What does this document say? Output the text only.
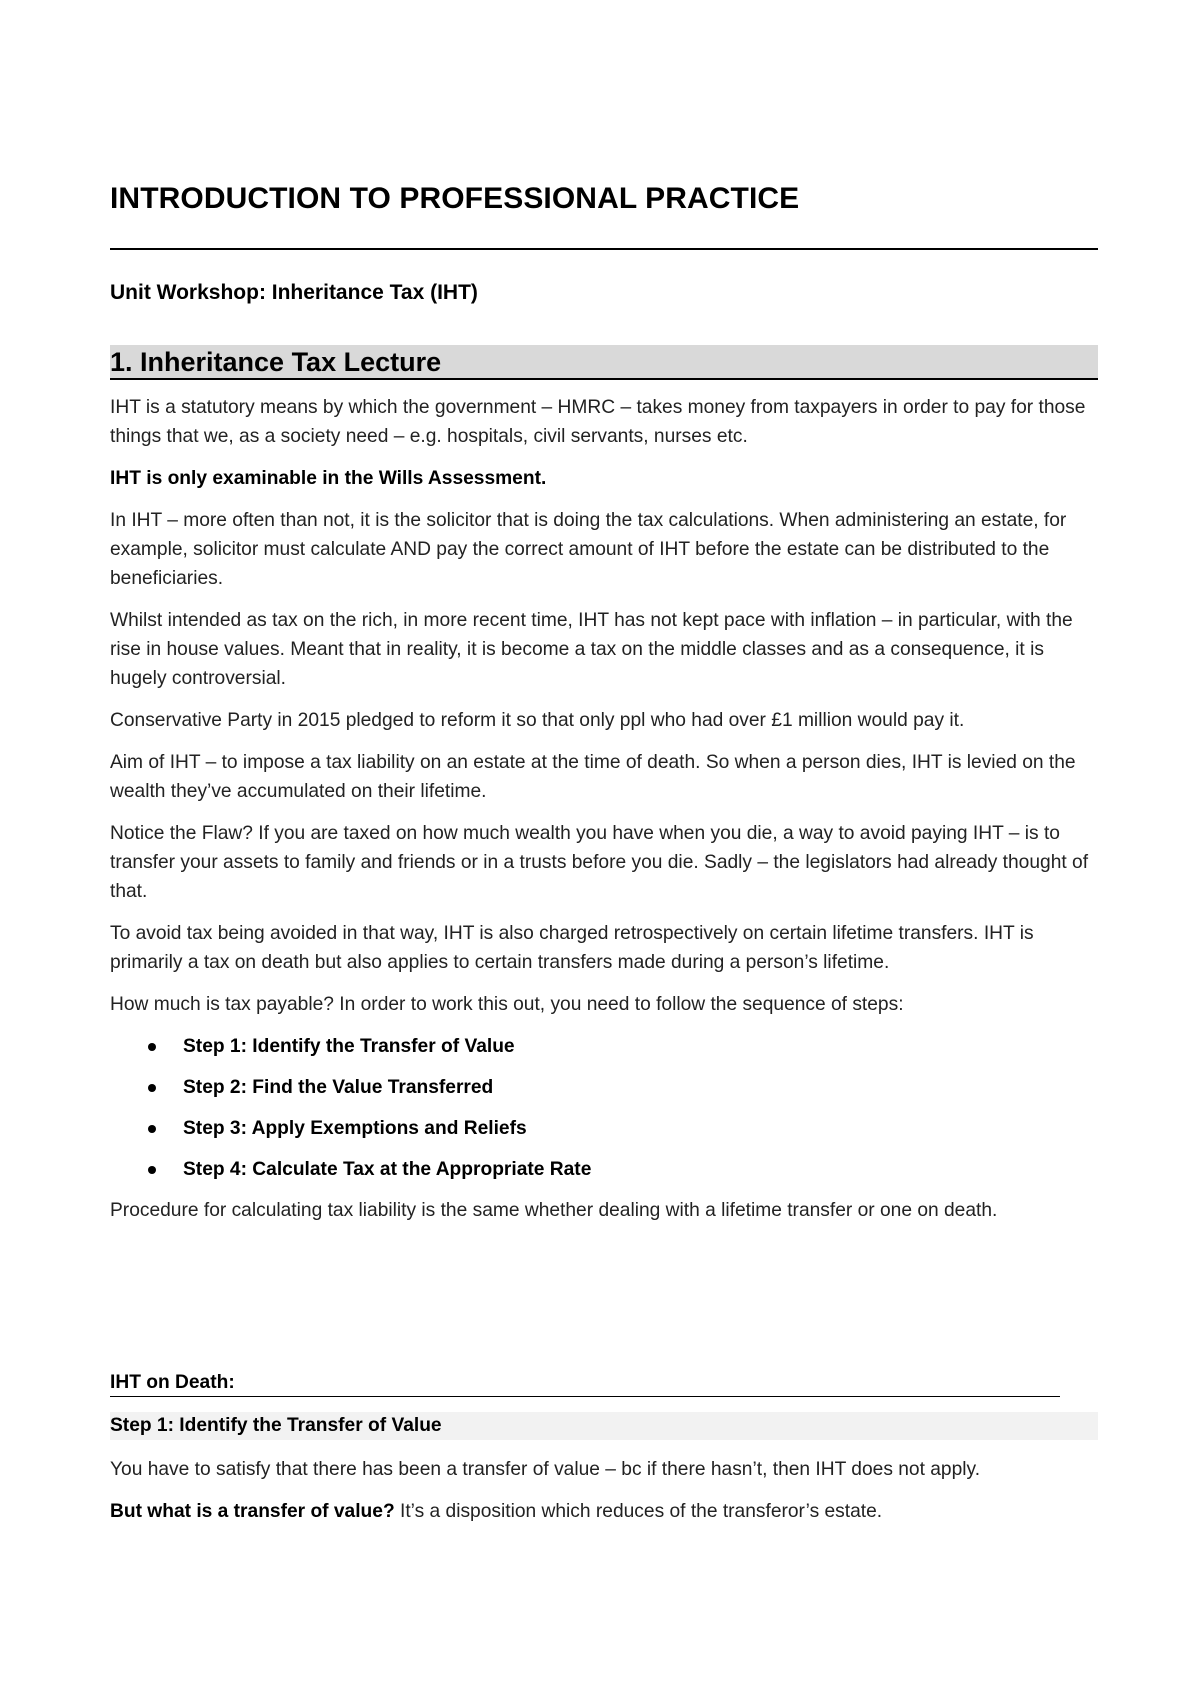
INTRODUCTION TO PROFESSIONAL PRACTICE
Unit Workshop: Inheritance Tax (IHT)
1. Inheritance Tax Lecture

IHT is a statutory means by which the government – HMRC – takes money from taxpayers in order to pay for those things that we, as a society need – e.g. hospitals, civil servants, nurses etc.

IHT is only examinable in the Wills Assessment.

In IHT – more often than not, it is the solicitor that is doing the tax calculations. When administering an estate, for example, solicitor must calculate AND pay the correct amount of IHT before the estate can be distributed to the beneficiaries.

Whilst intended as tax on the rich, in more recent time, IHT has not kept pace with inflation – in particular, with the rise in house values. Meant that in reality, it is become a tax on the middle classes and as a consequence, it is hugely controversial.

Conservative Party in 2015 pledged to reform it so that only ppl who had over £1 million would pay it.

Aim of IHT – to impose a tax liability on an estate at the time of death. So when a person dies, IHT is levied on the wealth they’ve accumulated on their lifetime.

Notice the Flaw? If you are taxed on how much wealth you have when you die, a way to avoid paying IHT – is to transfer your assets to family and friends or in a trusts before you die. Sadly – the legislators had already thought of that.

To avoid tax being avoided in that way, IHT is also charged retrospectively on certain lifetime transfers. IHT is primarily a tax on death but also applies to certain transfers made during a person’s lifetime.

How much is tax payable? In order to work this out, you need to follow the sequence of steps:

Step 1: Identify the Transfer of Value
Step 2: Find the Value Transferred
Step 3: Apply Exemptions and Reliefs
Step 4: Calculate Tax at the Appropriate Rate

Procedure for calculating tax liability is the same whether dealing with a lifetime transfer or one on death.

IHT on Death:
Step 1: Identify the Transfer of Value

You have to satisfy that there has been a transfer of value – bc if there hasn’t, then IHT does not apply.

But what is a transfer of value? It’s a disposition which reduces of the transferor’s estate.
